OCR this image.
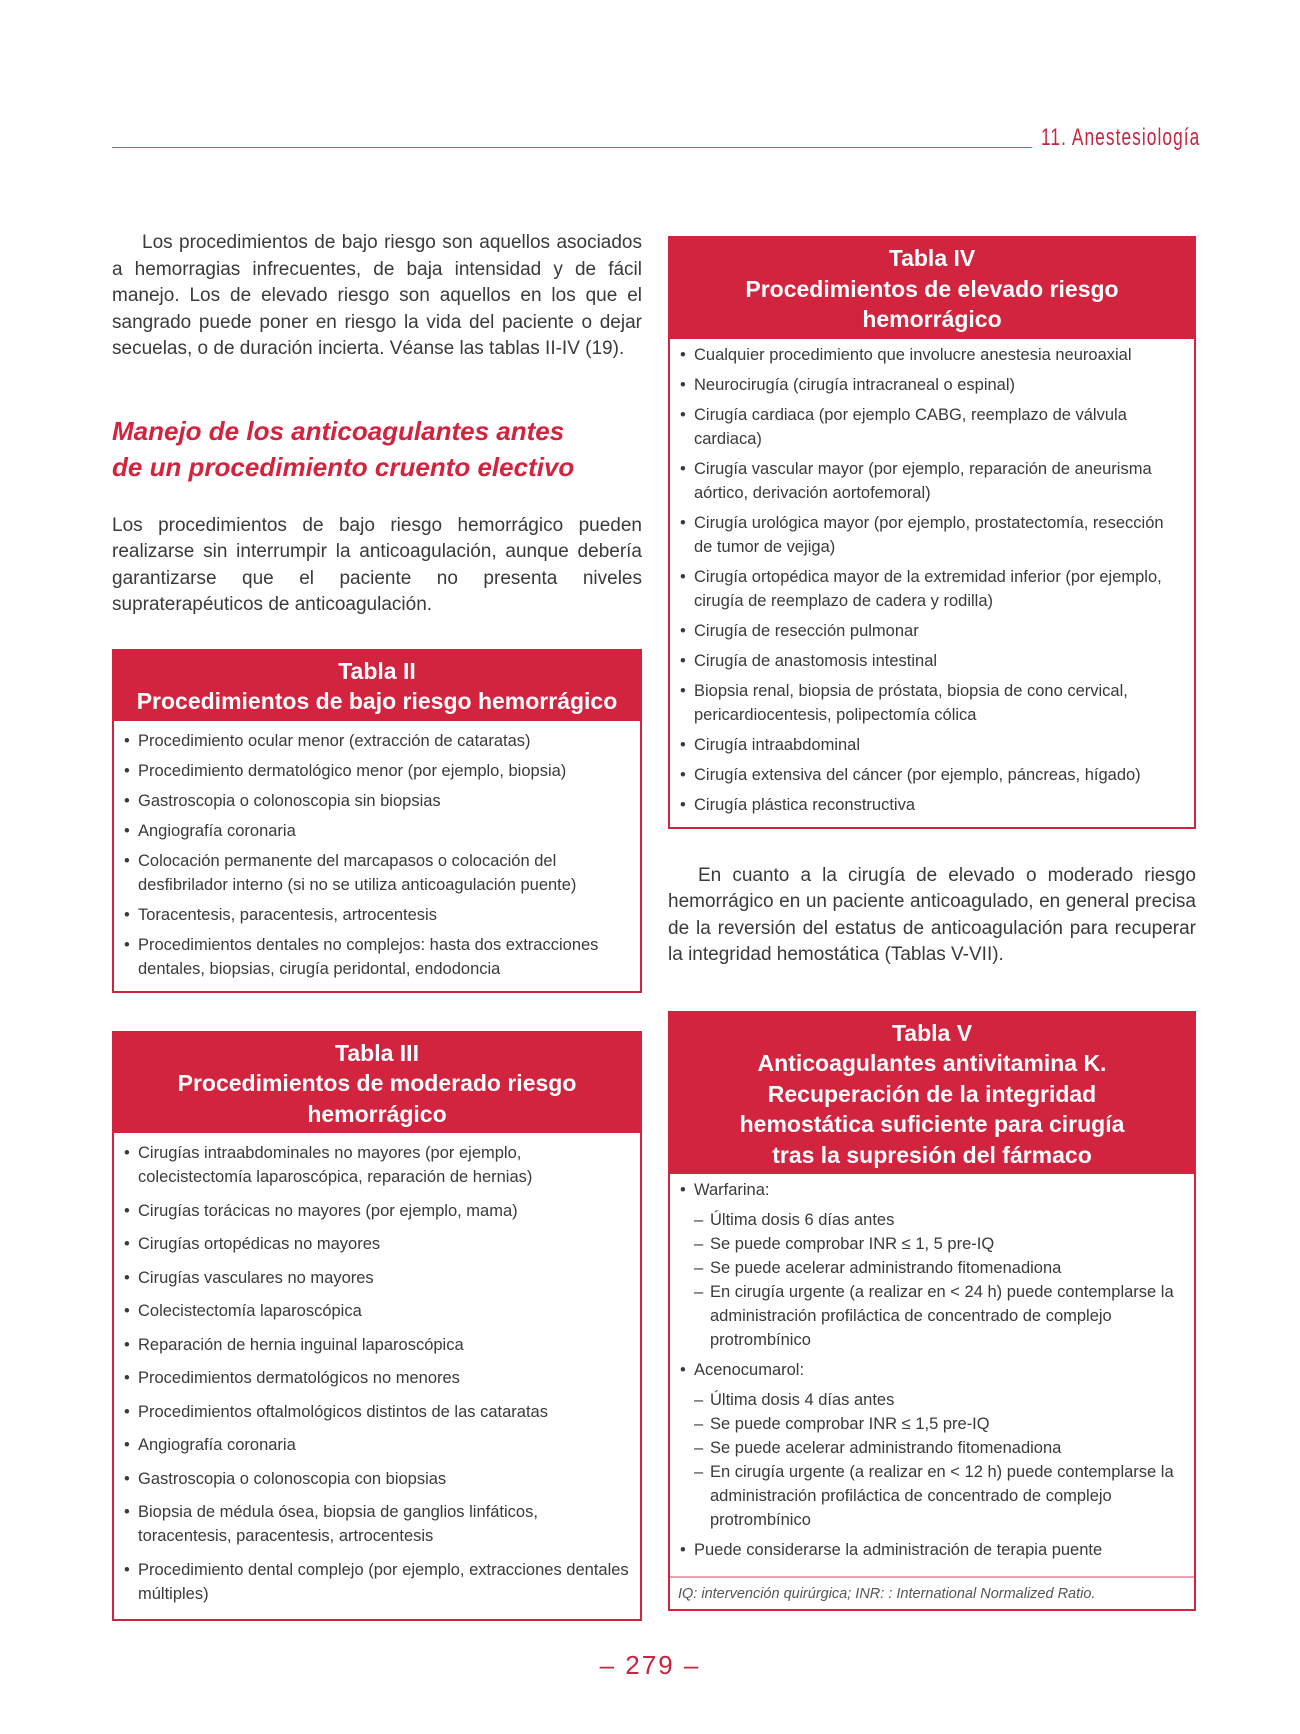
11. Anestesiología

Los procedimientos de bajo riesgo son aquellos asociados a hemorragias infrecuentes, de baja intensidad y de fácil manejo. Los de elevado riesgo son aquellos en los que el sangrado puede poner en riesgo la vida del paciente o dejar secuelas, o de duración incierta. Véanse las tablas II-IV (19).

Manejo de los anticoagulantes antes
de un procedimiento cruento electivo

Los procedimientos de bajo riesgo hemorrágico pueden realizarse sin interrumpir la anticoagulación, aunque debería garantizarse que el paciente no presenta niveles supraterapéuticos de anticoagulación.

Tabla II
Procedimientos de bajo riesgo hemorrágico
• Procedimiento ocular menor (extracción de cataratas)
• Procedimiento dermatológico menor (por ejemplo, biopsia)
• Gastroscopia o colonoscopia sin biopsias
• Angiografía coronaria
• Colocación permanente del marcapasos o colocación del desfibrilador interno (si no se utiliza anticoagulación puente)
• Toracentesis, paracentesis, artrocentesis
• Procedimientos dentales no complejos: hasta dos extracciones dentales, biopsias, cirugía peridontal, endodoncia
Tabla III
Procedimientos de moderado riesgo hemorrágico
• Cirugías intraabdominales no mayores (por ejemplo, colecistectomía laparoscópica, reparación de hernias)
• Cirugías torácicas no mayores (por ejemplo, mama)
• Cirugías ortopédicas no mayores
• Cirugías vasculares no mayores
• Colecistectomía laparoscópica
• Reparación de hernia inguinal laparoscópica
• Procedimientos dermatológicos no menores
• Procedimientos oftalmológicos distintos de las cataratas
• Angiografía coronaria
• Gastroscopia o colonoscopia con biopsias
• Biopsia de médula ósea, biopsia de ganglios linfáticos, toracentesis, paracentesis, artrocentesis
• Procedimiento dental complejo (por ejemplo, extracciones dentales múltiples)
Tabla IV
Procedimientos de elevado riesgo hemorrágico
• Cualquier procedimiento que involucre anestesia neuroaxial
• Neurocirugía (cirugía intracraneal o espinal)
• Cirugía cardiaca (por ejemplo CABG, reemplazo de válvula cardiaca)
• Cirugía vascular mayor (por ejemplo, reparación de aneurisma aórtico, derivación aortofemoral)
• Cirugía urológica mayor (por ejemplo, prostatectomía, resección de tumor de vejiga)
• Cirugía ortopédica mayor de la extremidad inferior (por ejemplo, cirugía de reemplazo de cadera y rodilla)
• Cirugía de resección pulmonar
• Cirugía de anastomosis intestinal
• Biopsia renal, biopsia de próstata, biopsia de cono cervical, pericardiocentesis, polipectomía cólica
• Cirugía intraabdominal
• Cirugía extensiva del cáncer (por ejemplo, páncreas, hígado)
• Cirugía plástica reconstructiva

En cuanto a la cirugía de elevado o moderado riesgo hemorrágico en un paciente anticoagulado, en general precisa de la reversión del estatus de anticoagulación para recuperar la integridad hemostática (Tablas V-VII).

Tabla V
Anticoagulantes antivitamina K.
Recuperación de la integridad
hemostática suficiente para cirugía
tras la supresión del fármaco
• Warfarina:
– Última dosis 6 días antes
– Se puede comprobar INR ≤ 1, 5 pre-IQ
– Se puede acelerar administrando fitomenadiona
– En cirugía urgente (a realizar en < 24 h) puede contemplarse la administración profiláctica de concentrado de complejo protrombínico
• Acenocumarol:
– Última dosis 4 días antes
– Se puede comprobar INR ≤ 1,5 pre-IQ
– Se puede acelerar administrando fitomenadiona
– En cirugía urgente (a realizar en < 12 h) puede contemplarse la administración profiláctica de concentrado de complejo protrombínico
• Puede considerarse la administración de terapia puente
IQ: intervención quirúrgica; INR: : International Normalized Ratio.
– 279 –
